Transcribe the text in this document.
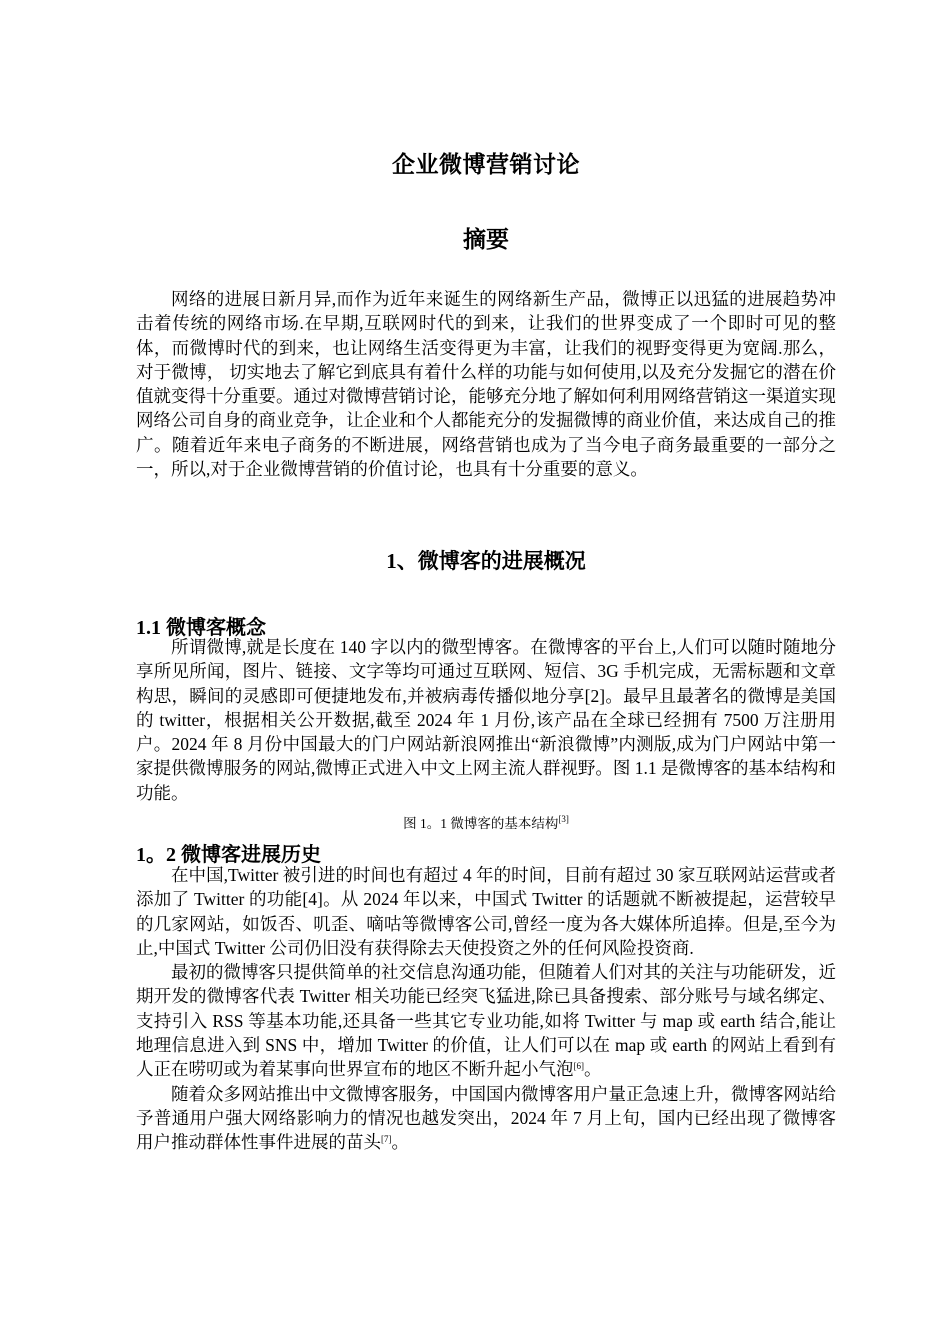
企业微博营销讨论
摘要

网络的进展日新月异,而作为近年来诞生的网络新生产品，微博正以迅猛的进展趋势冲击着传统的网络市场.在早期,互联网时代的到来，让我们的世界变成了一个即时可见的整体，而微博时代的到来，也让网络生活变得更为丰富，让我们的视野变得更为宽阔.那么，对于微博， 切实地去了解它到底具有着什么样的功能与如何使用,以及充分发掘它的潜在价值就变得十分重要。通过对微博营销讨论，能够充分地了解如何利用网络营销这一渠道实现网络公司自身的商业竞争，让企业和个人都能充分的发掘微博的商业价值，来达成自己的推广。随着近年来电子商务的不断进展，网络营销也成为了当今电子商务最重要的一部分之一，所以,对于企业微博营销的价值讨论，也具有十分重要的意义。

1、微博客的进展概况
1.1 微博客概念

所谓微博,就是长度在 140 字以内的微型博客。在微博客的平台上,人们可以随时随地分享所见所闻，图片、链接、文字等均可通过互联网、短信、3G 手机完成，无需标题和文章构思，瞬间的灵感即可便捷地发布,并被病毒传播似地分享[2]。最早且最著名的微博是美国的 twitter，根据相关公开数据,截至 2024 年 1 月份,该产品在全球已经拥有 7500 万注册用户。2024 年 8 月份中国最大的门户网站新浪网推出“新浪微博”内测版,成为门户网站中第一家提供微博服务的网站,微博正式进入中文上网主流人群视野。图 1.1 是微博客的基本结构和功能。

图 1。1 微博客的基本结构[3]
1。2 微博客进展历史

在中国,Twitter 被引进的时间也有超过 4 年的时间，目前有超过 30 家互联网站运营或者添加了 Twitter 的功能[4]。从 2024 年以来，中国式 Twitter 的话题就不断被提起，运营较早的几家网站，如饭否、叽歪、嘀咕等微博客公司,曾经一度为各大媒体所追捧。但是,至今为止,中国式 Twitter 公司仍旧没有获得除去天使投资之外的任何风险投资商.

最初的微博客只提供简单的社交信息沟通功能，但随着人们对其的关注与功能研发，近期开发的微博客代表 Twitter 相关功能已经突飞猛进,除已具备搜索、部分账号与域名绑定、支持引入 RSS 等基本功能,还具备一些其它专业功能,如将 Twitter 与 map 或 earth 结合,能让地理信息进入到 SNS 中，增加 Twitter 的价值，让人们可以在 map 或 earth 的网站上看到有人正在唠叨或为着某事向世界宣布的地区不断升起小气泡[6]。

随着众多网站推出中文微博客服务，中国国内微博客用户量正急速上升，微博客网站给予普通用户强大网络影响力的情况也越发突出，2024 年 7 月上旬，国内已经出现了微博客用户推动群体性事件进展的苗头[7]。
